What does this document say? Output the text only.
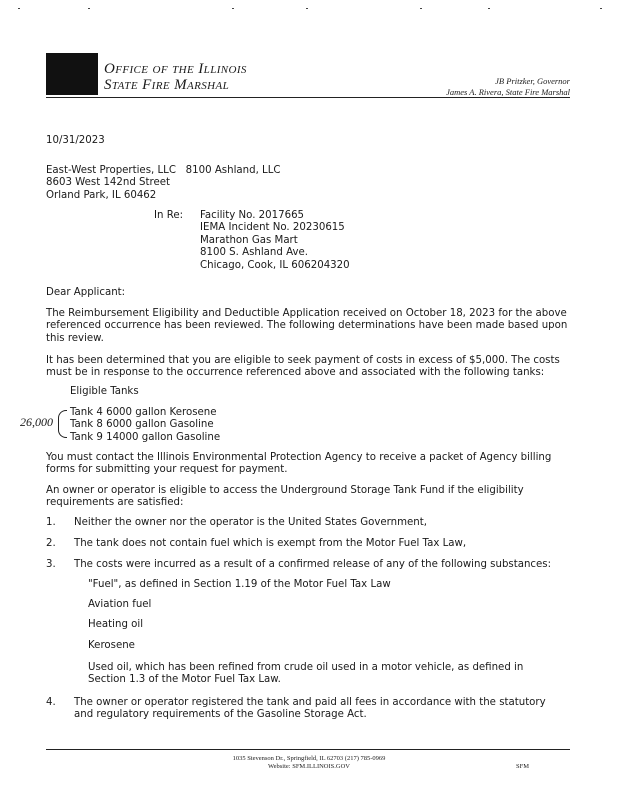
Office of the Illinois
State Fire Marshal	JB Pritzker, Governor
James A. Rivera, State Fire Marshal
10/31/2023
East-West Properties, LLC   8100 Ashland, LLC
8603 West 142nd Street
Orland Park, IL 60462
In Re: Facility No. 2017665
IEMA Incident No. 20230615
Marathon Gas Mart
8100 S. Ashland Ave.
Chicago, Cook, IL 606204320
Dear Applicant:
The Reimbursement Eligibility and Deductible Application received on October 18, 2023 for the above referenced occurrence has been reviewed. The following determinations have been made based upon this review.
It has been determined that you are eligible to seek payment of costs in excess of $5,000. The costs must be in response to the occurrence referenced above and associated with the following tanks:
Eligible Tanks
Tank 4 6000 gallon Kerosene
Tank 8 6000 gallon Gasoline
Tank 9 14000 gallon Gasoline
26,000
You must contact the Illinois Environmental Protection Agency to receive a packet of Agency billing forms for submitting your request for payment.
An owner or operator is eligible to access the Underground Storage Tank Fund if the eligibility requirements are satisfied:
1. Neither the owner nor the operator is the United States Government,
2. The tank does not contain fuel which is exempt from the Motor Fuel Tax Law,
3. The costs were incurred as a result of a confirmed release of any of the following substances:
"Fuel", as defined in Section 1.19 of the Motor Fuel Tax Law
Aviation fuel
Heating oil
Kerosene
Used oil, which has been refined from crude oil used in a motor vehicle, as defined in Section 1.3 of the Motor Fuel Tax Law.
4. The owner or operator registered the tank and paid all fees in accordance with the statutory and regulatory requirements of the Gasoline Storage Act.
1035 Stevenson Dr., Springfield, IL 62703 (217) 785-0969
Website: SFM.ILLINOIS.GOV	SFM
